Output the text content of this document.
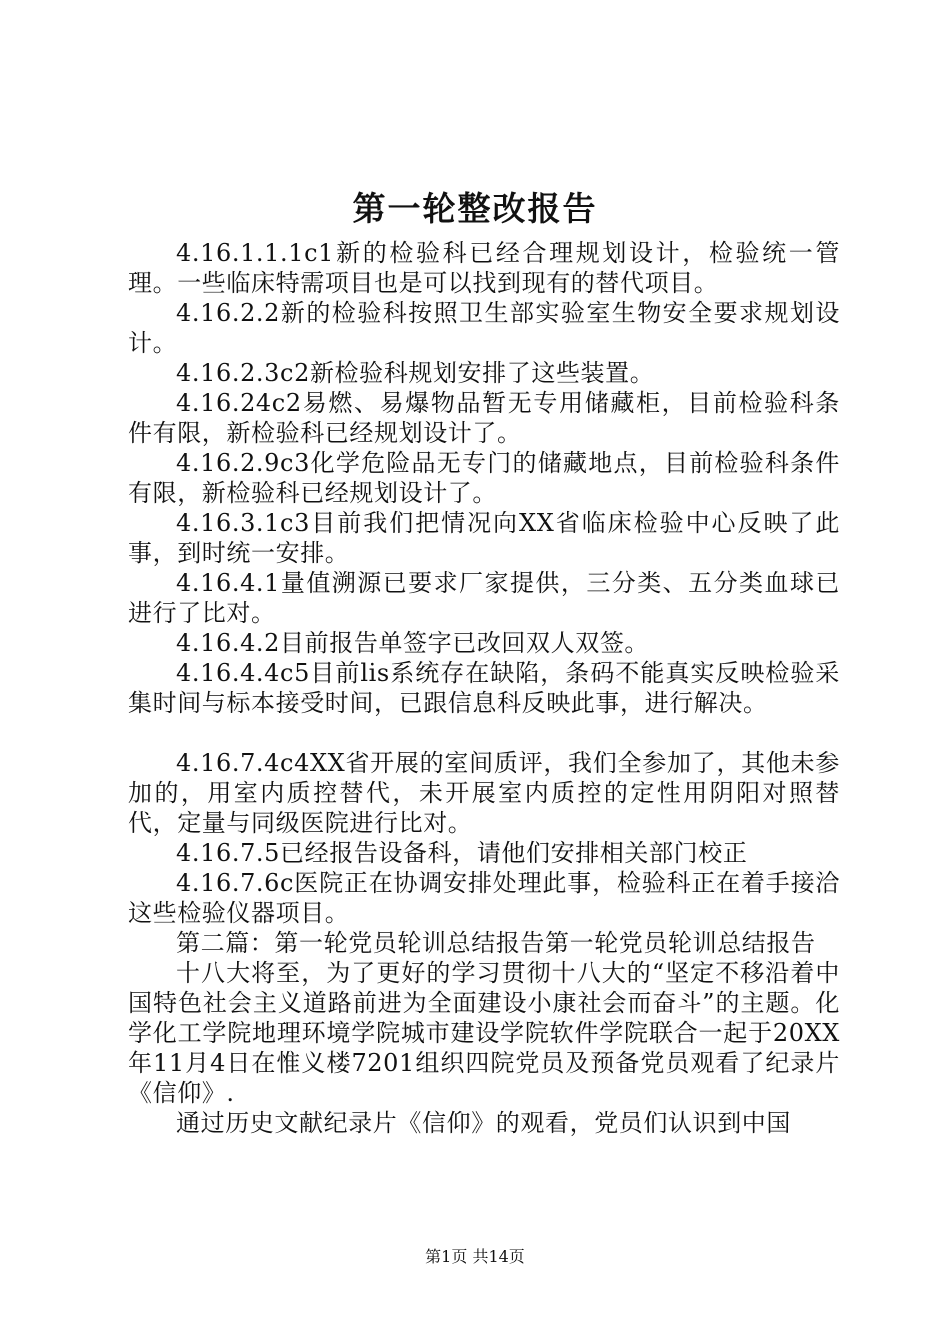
第一轮整改报告

4.16.1.1.1c1新的检验科已经合理规划设计，检验统一管理。一些临床特需项目也是可以找到现有的替代项目。

4.16.2.2新的检验科按照卫生部实验室生物安全要求规划设计。

4.16.2.3c2新检验科规划安排了这些装置。

4.16.24c2易燃、易爆物品暂无专用储藏柜，目前检验科条件有限，新检验科已经规划设计了。

4.16.2.9c3化学危险品无专门的储藏地点，目前检验科条件有限，新检验科已经规划设计了。

4.16.3.1c3目前我们把情况向XX省临床检验中心反映了此事，到时统一安排。

4.16.4.1量值溯源已要求厂家提供，三分类、五分类血球已进行了比对。

4.16.4.2目前报告单签字已改回双人双签。

4.16.4.4c5目前lis系统存在缺陷，条码不能真实反映检验采集时间与标本接受时间，已跟信息科反映此事，进行解决。

4.16.7.4c4XX省开展的室间质评，我们全参加了，其他未参加的，用室内质控替代，未开展室内质控的定性用阴阳对照替代，定量与同级医院进行比对。

4.16.7.5已经报告设备科，请他们安排相关部门校正

4.16.7.6c医院正在协调安排处理此事，检验科正在着手接洽这些检验仪器项目。

第二篇：第一轮党员轮训总结报告第一轮党员轮训总结报告

十八大将至，为了更好的学习贯彻十八大的“坚定不移沿着中国特色社会主义道路前进为全面建设小康社会而奋斗”的主题。化学化工学院地理环境学院城市建设学院软件学院联合一起于20XX年11月4日在惟义楼7201组织四院党员及预备党员观看了纪录片《信仰》.

通过历史文献纪录片《信仰》的观看，党员们认识到中国

第1页 共14页
